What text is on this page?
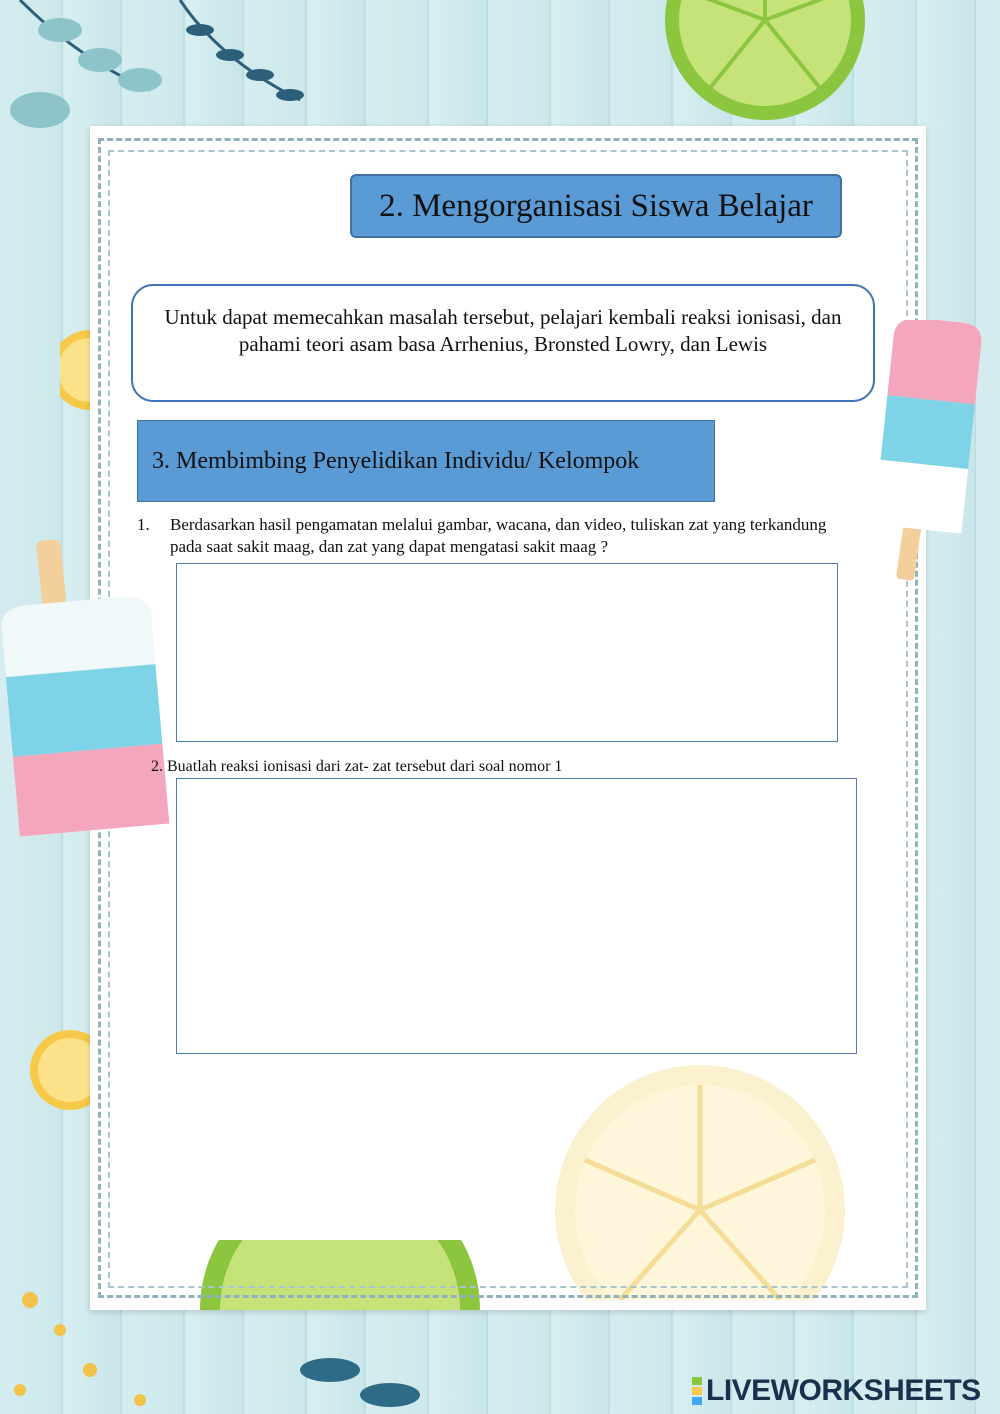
2. Mengorganisasi Siswa Belajar
Untuk dapat memecahkan masalah tersebut, pelajari kembali reaksi ionisasi, dan pahami teori asam basa Arrhenius, Bronsted Lowry, dan Lewis
3. Membimbing Penyelidikan Individu/ Kelompok
1. Berdasarkan hasil pengamatan melalui gambar, wacana, dan video, tuliskan zat yang terkandung pada saat sakit maag, dan zat yang dapat mengatasi sakit maag ?
2. Buatlah reaksi ionisasi dari zat- zat tersebut dari soal nomor 1
LIVEWORKSHEETS
